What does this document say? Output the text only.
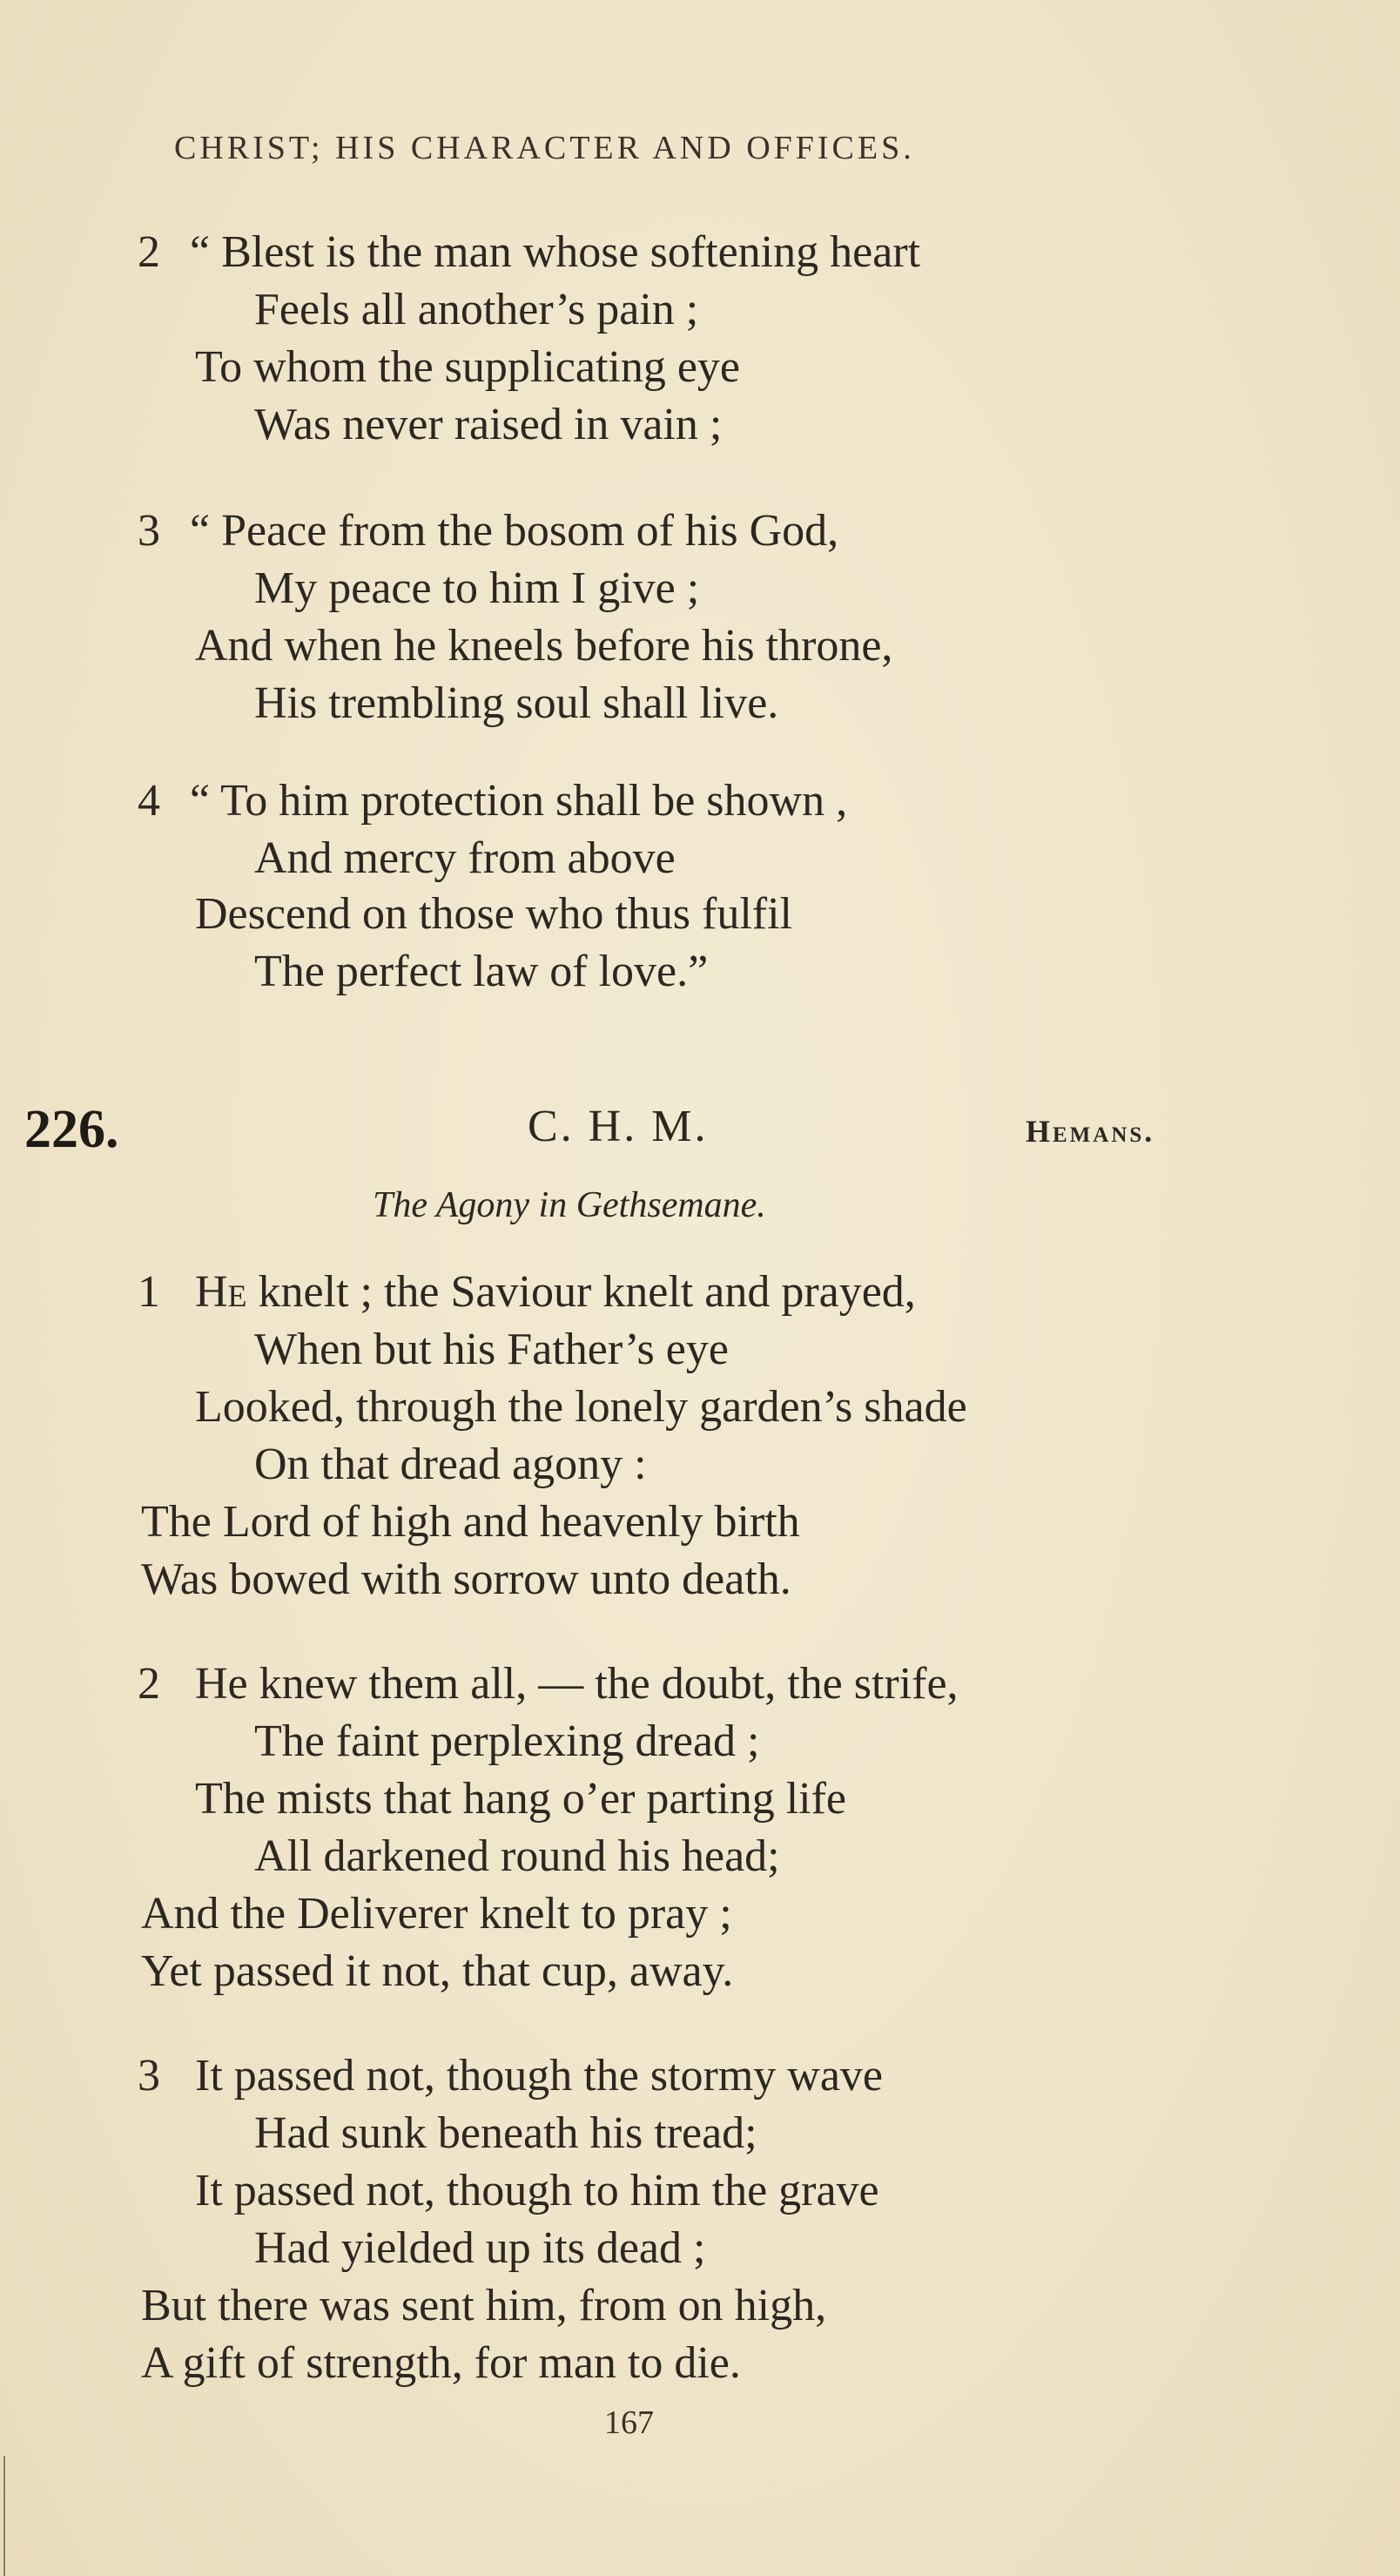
CHRIST; HIS CHARACTER AND OFFICES.
2 “ Blest is the man whose softening heart
Feels all another’s pain ;
To whom the supplicating eye
Was never raised in vain ;
3 “ Peace from the bosom of his God,
My peace to him I give ;
And when he kneels before his throne,
His trembling soul shall live.
4 “ To him protection shall be shown ,
And mercy from above
Descend on those who thus fulfil
The perfect law of love.”
226.	C. H. M.	Hemans.
The Agony in Gethsemane.
1 He knelt ; the Saviour knelt and prayed,
When but his Father’s eye
Looked, through the lonely garden’s shade
On that dread agony :
The Lord of high and heavenly birth
Was bowed with sorrow unto death.
2 He knew them all, — the doubt, the strife,
The faint perplexing dread ;
The mists that hang o’er parting life
All darkened round his head;
And the Deliverer knelt to pray ;
Yet passed it not, that cup, away.
3 It passed not, though the stormy wave
Had sunk beneath his tread;
It passed not, though to him the grave
Had yielded up its dead ;
But there was sent him, from on high,
A gift of strength, for man to die.
167
